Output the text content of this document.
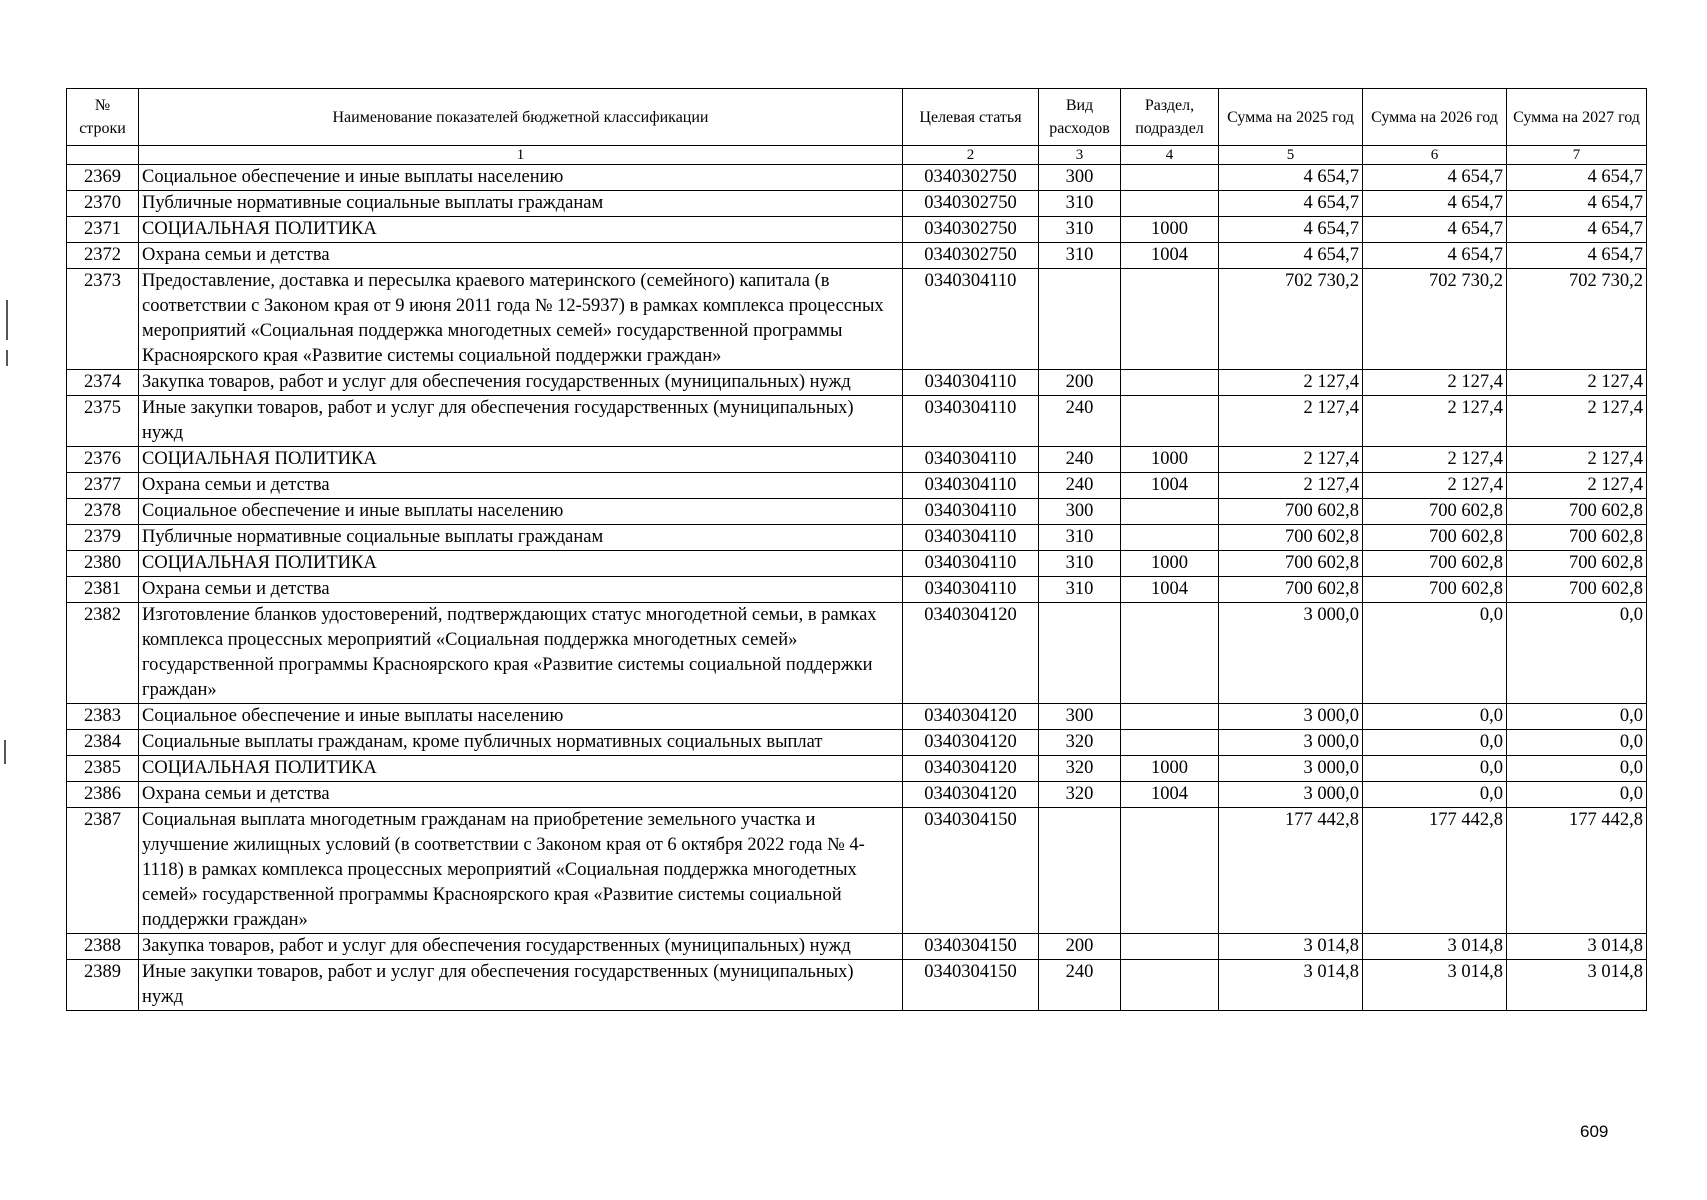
№ строки	Наименование показателей бюджетной классификации	Целевая статья	Вид расходов	Раздел, подраздел	Сумма на 2025 год	Сумма на 2026 год	Сумма на 2027 год
	1	2	3	4	5	6	7
2369	Социальное обеспечение и иные выплаты населению	0340302750	300		4 654,7	4 654,7	4 654,7
2370	Публичные нормативные социальные выплаты гражданам	0340302750	310		4 654,7	4 654,7	4 654,7
2371	СОЦИАЛЬНАЯ ПОЛИТИКА	0340302750	310	1000	4 654,7	4 654,7	4 654,7
2372	Охрана семьи и детства	0340302750	310	1004	4 654,7	4 654,7	4 654,7
2373	Предоставление, доставка и пересылка краевого материнского (семейного) капитала (в соответствии с Законом края от 9 июня 2011 года № 12-5937) в рамках комплекса процессных мероприятий «Социальная поддержка многодетных семей» государственной программы Красноярского края «Развитие системы социальной поддержки граждан»	0340304110			702 730,2	702 730,2	702 730,2
2374	Закупка товаров, работ и услуг для обеспечения государственных (муниципальных) нужд	0340304110	200		2 127,4	2 127,4	2 127,4
2375	Иные закупки товаров, работ и услуг для обеспечения государственных (муниципальных) нужд	0340304110	240		2 127,4	2 127,4	2 127,4
2376	СОЦИАЛЬНАЯ ПОЛИТИКА	0340304110	240	1000	2 127,4	2 127,4	2 127,4
2377	Охрана семьи и детства	0340304110	240	1004	2 127,4	2 127,4	2 127,4
2378	Социальное обеспечение и иные выплаты населению	0340304110	300		700 602,8	700 602,8	700 602,8
2379	Публичные нормативные социальные выплаты гражданам	0340304110	310		700 602,8	700 602,8	700 602,8
2380	СОЦИАЛЬНАЯ ПОЛИТИКА	0340304110	310	1000	700 602,8	700 602,8	700 602,8
2381	Охрана семьи и детства	0340304110	310	1004	700 602,8	700 602,8	700 602,8
2382	Изготовление бланков удостоверений, подтверждающих статус многодетной семьи, в рамках комплекса процессных мероприятий «Социальная поддержка многодетных семей» государственной программы Красноярского края «Развитие системы социальной поддержки граждан»	0340304120			3 000,0	0,0	0,0
2383	Социальное обеспечение и иные выплаты населению	0340304120	300		3 000,0	0,0	0,0
2384	Социальные выплаты гражданам, кроме публичных нормативных социальных выплат	0340304120	320		3 000,0	0,0	0,0
2385	СОЦИАЛЬНАЯ ПОЛИТИКА	0340304120	320	1000	3 000,0	0,0	0,0
2386	Охрана семьи и детства	0340304120	320	1004	3 000,0	0,0	0,0
2387	Социальная выплата многодетным гражданам на приобретение земельного участка и улучшение жилищных условий (в соответствии с Законом края от 6 октября 2022 года № 4-1118) в рамках комплекса процессных мероприятий «Социальная поддержка многодетных семей» государственной программы Красноярского края «Развитие системы социальной поддержки граждан»	0340304150			177 442,8	177 442,8	177 442,8
2388	Закупка товаров, работ и услуг для обеспечения государственных (муниципальных) нужд	0340304150	200		3 014,8	3 014,8	3 014,8
2389	Иные закупки товаров, работ и услуг для обеспечения государственных (муниципальных) нужд	0340304150	240		3 014,8	3 014,8	3 014,8
609
